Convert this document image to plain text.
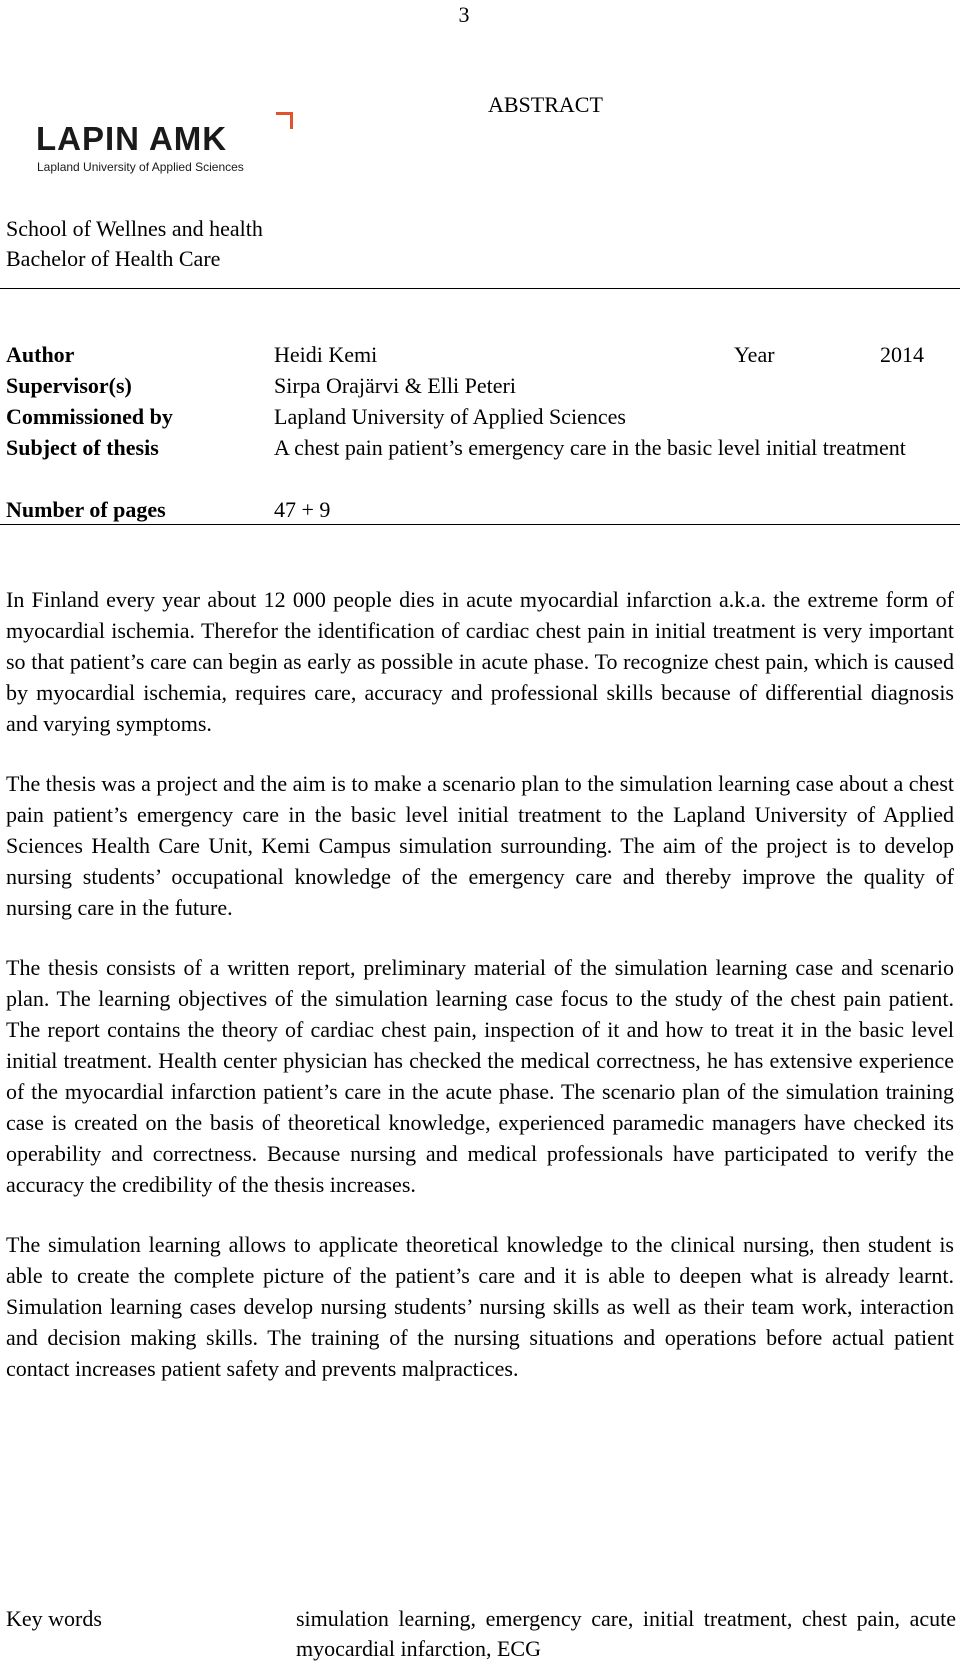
3
LAPIN AMK
Lapland University of Applied Sciences
ABSTRACT
School of Wellnes and health
Bachelor of Health Care
Author	Heidi Kemi	Year	2014
Supervisor(s)	Sirpa Orajärvi & Elli Peteri
Commissioned by	Lapland University of Applied Sciences
Subject of thesis	A chest pain patient’s emergency care in the basic level initial treatment
Number of pages	47 + 9

In Finland every year about 12 000 people dies in acute myocardial infarction a.k.a. the extreme form of myocardial ischemia. Therefor the identification of cardiac chest pain in initial treatment is very important so that patient’s care can begin as early as possible in acute phase. To recognize chest pain, which is caused by myocardial ischemia, requires care, accuracy and professional skills because of differential diagnosis and varying symptoms.

The thesis was a project and the aim is to make a scenario plan to the simulation learning case about a chest pain patient’s emergency care in the basic level initial treatment to the Lapland University of Applied Sciences Health Care Unit, Kemi Campus simulation surrounding. The aim of the project is to develop nursing students’ occupational knowledge of the emergency care and thereby improve the quality of nursing care in the future.

The thesis consists of a written report, preliminary material of the simulation learning case and scenario plan. The learning objectives of the simulation learning case focus to the study of the chest pain patient. The report contains the theory of cardiac chest pain, inspection of it and how to treat it in the basic level initial treatment. Health center physician has checked the medical correctness, he has extensive experience of the myocardial infarction patient’s care in the acute phase. The scenario plan of the simulation training case is created on the basis of theoretical knowledge, experienced paramedic managers have checked its operability and correctness. Because nursing and medical professionals have participated to verify the accuracy the credibility of the thesis increases.

The simulation learning allows to applicate theoretical knowledge to the clinical nursing, then student is able to create the complete picture of the patient’s care and it is able to deepen what is already learnt. Simulation learning cases develop nursing students’ nursing skills as well as their team work, interaction and decision making skills. The training of the nursing situations and operations before actual patient contact increases patient safety and prevents malpractices.

Key words	simulation learning, emergency care, initial treatment, chest pain, acute myocardial infarction, ECG
